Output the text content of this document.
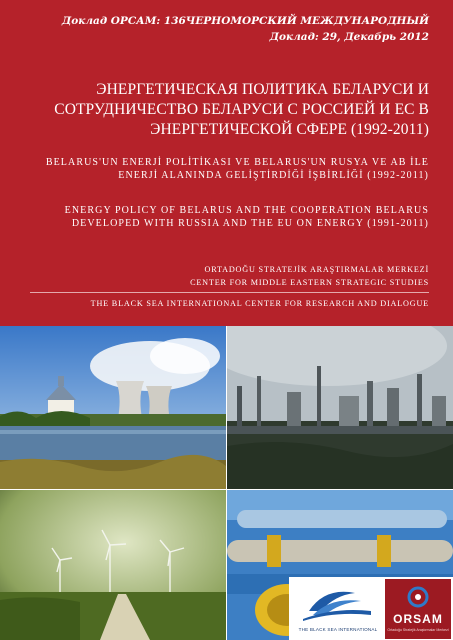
Доклад ОРСАМ: 136ЧЕРНОМОРСКИЙ МЕЖДУНАРОДНЫЙ
Доклад: 29, Декабрь 2012
ЭНЕРГЕТИЧЕСКАЯ ПОЛИТИКА БЕЛАРУСИ И
СОТРУДНИЧЕСТВО БЕЛАРУСИ С РОССИЕЙ И ЕС В
ЭНЕРГЕТИЧЕСКОЙ СФЕРЕ (1992-2011)
BELARUS'UN ENERJİ POLİTİKASI VE BELARUS'UN RUSYA VE AB İLE
ENERJİ ALANINDA GELİŞTİRDİĞİ İŞBİRLİĞİ (1992-2011)
ENERGY POLICY OF BELARUS AND THE COOPERATION BELARUS
DEVELOPED WITH RUSSIA AND THE EU ON ENERGY (1991-2011)
ORTADOĞU STRATEJİK ARAŞTIRMALAR MERKEZİ
CENTER FOR MIDDLE EASTERN STRATEGIC STUDIES
THE BLACK SEA INTERNATIONAL CENTER FOR RESEARCH AND DIALOGUE
THE BLACK SEA INTERNATIONAL
ORSAM
Ortadoğu Stratejik Araştırmalar Merkezi
